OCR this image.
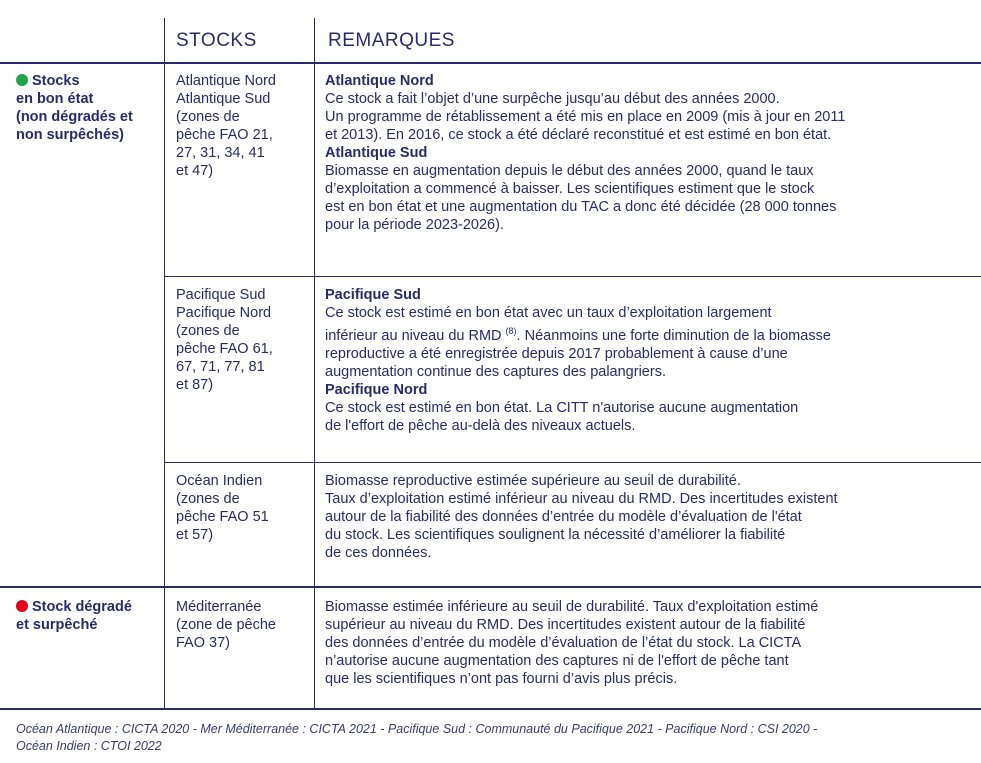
STOCKS	REMARQUES
Stocks
en bon état
(non dégradés et
non surpêchés)
Stock dégradé
et surpêché
Atlantique Nord
Atlantique Sud
(zones de
pêche FAO 21,
27, 31, 34, 41
et 47)
Atlantique Nord
Ce stock a fait l’objet d’une surpêche jusqu’au début des années 2000.
Un programme de rétablissement a été mis en place en 2009 (mis à jour en 2011
et 2013). En 2016, ce stock a été déclaré reconstitué et est estimé en bon état.
Atlantique Sud
Biomasse en augmentation depuis le début des années 2000, quand le taux
d’exploitation a commencé à baisser. Les scientifiques estiment que le stock
est en bon état et une augmentation du TAC a donc été décidée (28 000 tonnes
pour la période 2023-2026).
Pacifique Sud
Pacifique Nord
(zones de
pêche FAO 61,
67, 71, 77, 81
et 87)
Pacifique Sud
Ce stock est estimé en bon état avec un taux d’exploitation largement
inférieur au niveau du RMD $^{(8)}$. Néanmoins une forte diminution de la biomasse
reproductive a été enregistrée depuis 2017 probablement à cause d’une
augmentation continue des captures des palangriers.
Pacifique Nord
Ce stock est estimé en bon état. La CITT n'autorise aucune augmentation
de l'effort de pêche au-delà des niveaux actuels.
Océan Indien
(zones de
pêche FAO 51
et 57)
Biomasse reproductive estimée supérieure au seuil de durabilité.
Taux d’exploitation estimé inférieur au niveau du RMD. Des incertitudes existent
autour de la fiabilité des données d’entrée du modèle d’évaluation de l'état
du stock. Les scientifiques soulignent la nécessité d’améliorer la fiabilité
de ces données.
Méditerranée
(zone de pêche
FAO 37)
Biomasse estimée inférieure au seuil de durabilité. Taux d'exploitation estimé
supérieur au niveau du RMD. Des incertitudes existent autour de la fiabilité
des données d’entrée du modèle d’évaluation de l’état du stock. La CICTA
n’autorise aucune augmentation des captures ni de l'effort de pêche tant
que les scientifiques n’ont pas fourni d’avis plus précis.
Océan Atlantique : CICTA 2020 - Mer Méditerranée : CICTA 2021 - Pacifique Sud : Communauté du Pacifique 2021 - Pacifique Nord : CSI 2020 -
Océan Indien : CTOI 2022
